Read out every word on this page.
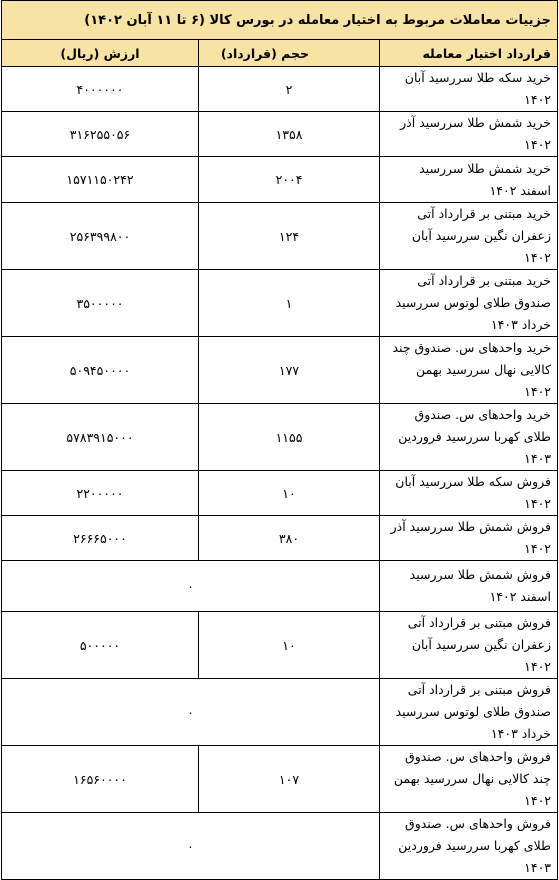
جزییات معاملات مربوط به اختیار معامله در بورس کالا (۶ تا ۱۱ آبان ۱۴۰۲)		
قرارداد اختیار معامله	حجم (قرارداد)	ارزش (ریال)
خرید سکه طلا سررسید آبان ۱۴۰۲	۲	۴۰۰۰۰۰۰
خرید شمش طلا سررسید آذر ۱۴۰۲	۱۳۵۸	۳۱۶۲۵۵۰۵۶
خرید شمش طلا سررسید اسفند ۱۴۰۲	۲۰۰۴	۱۵۷۱۱۵۰۲۴۲
خرید مبتنی بر قرارداد آتی زعفران نگین سررسید آبان ۱۴۰۲	۱۲۴	۲۵۶۳۹۹۸۰۰
خرید مبتنی بر قرارداد آتی صندوق طلای لوتوس سررسید خرداد ۱۴۰۳	۱	۳۵۰۰۰۰۰
خرید واحدهای س. صندوق چند کالایی نهال سررسید بهمن ۱۴۰۲	۱۷۷	۵۰۹۴۵۰۰۰۰
خرید واحدهای س. صندوق طلای کهربا سررسید فروردین ۱۴۰۳	۱۱۵۵	۵۷۸۳۹۱۵۰۰۰
فروش سکه طلا سررسید آبان ۱۴۰۲	۱۰	۲۲۰۰۰۰۰
فروش شمش طلا سررسید آذر ۱۴۰۲	۳۸۰	۲۶۶۶۵۰۰۰
فروش شمش طلا سررسید اسفند ۱۴۰۲	۰	
فروش مبتنی بر قرارداد آتی زعفران نگین سررسید آبان ۱۴۰۲	۱۰	۵۰۰۰۰۰
فروش مبتنی بر قرارداد آتی صندوق طلای لوتوس سررسید خرداد ۱۴۰۳	۰	
فروش واحدهای س. صندوق چند کالایی نهال سررسید بهمن ۱۴۰۲	۱۰۷	۱۶۵۶۰۰۰۰
فروش واحدهای س. صندوق طلای کهربا سررسید فروردین ۱۴۰۳	۰	
